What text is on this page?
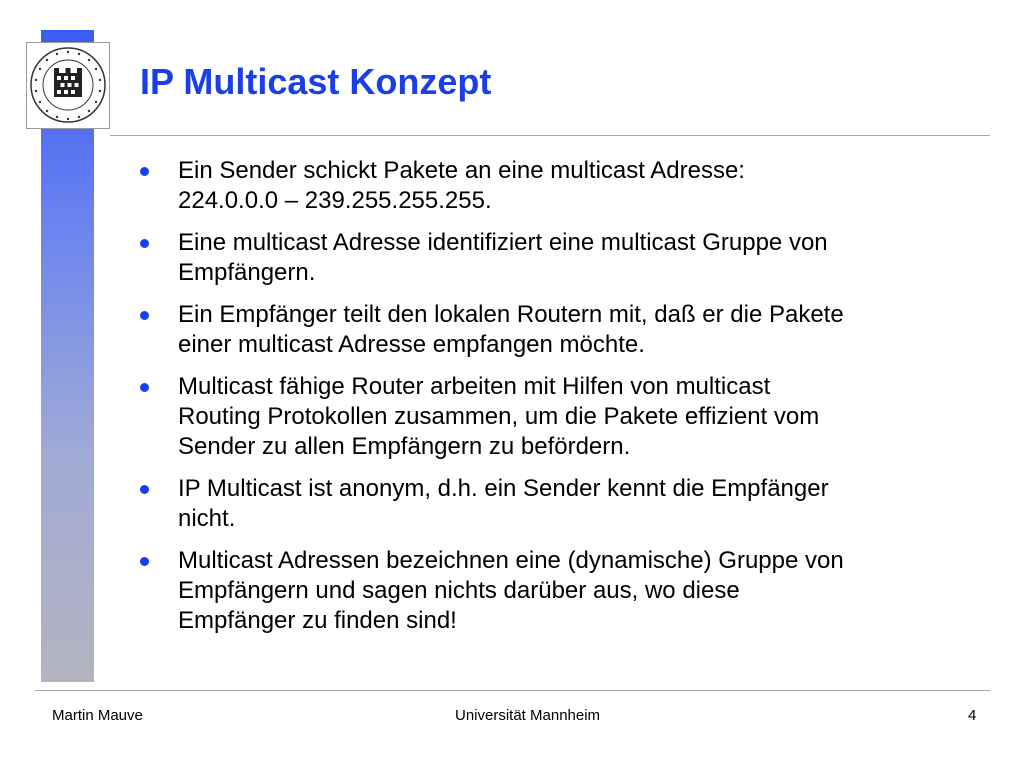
IP Multicast Konzept
Ein Sender schickt Pakete an eine multicast Adresse:
224.0.0.0 – 239.255.255.255.
Eine multicast Adresse identifiziert eine multicast Gruppe von
Empfängern.
Ein Empfänger teilt den lokalen Routern mit, daß er die Pakete
einer multicast Adresse empfangen möchte.
Multicast fähige Router arbeiten mit Hilfen von multicast
Routing Protokollen zusammen, um die Pakete effizient vom
Sender zu allen Empfängern zu befördern.
IP Multicast ist anonym, d.h. ein Sender kennt die Empfänger
nicht.
Multicast Adressen bezeichnen eine (dynamische) Gruppe von
Empfängern und sagen nichts darüber aus, wo diese
Empfänger zu finden sind!
Martin Mauve	Universität Mannheim	4
